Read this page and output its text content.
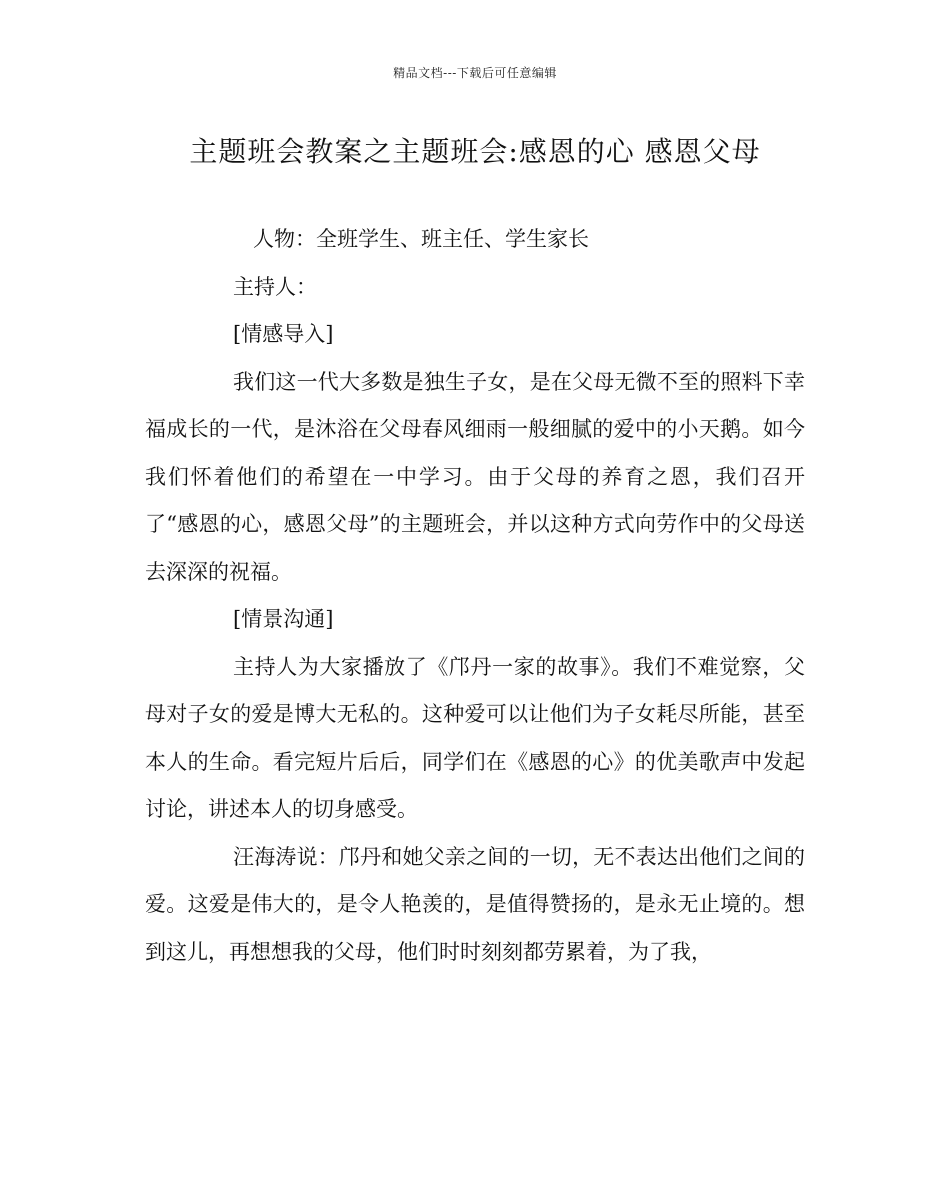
精品文档---下载后可任意编辑
主题班会教案之主题班会:感恩的心 感恩父母

人物：全班学生、班主任、学生家长

主持人：

[情感导入]

我们这一代大多数是独生子女，是在父母无微不至的照料下幸福成长的一代，是沐浴在父母春风细雨一般细腻的爱中的小天鹅。如今我们怀着他们的希望在一中学习。由于父母的养育之恩，我们召开了“感恩的心，感恩父母”的主题班会，并以这种方式向劳作中的父母送去深深的祝福。

[情景沟通]

主持人为大家播放了《邝丹一家的故事》。我们不难觉察，父母对子女的爱是博大无私的。这种爱可以让他们为子女耗尽所能，甚至本人的生命。看完短片后后，同学们在《感恩的心》的优美歌声中发起讨论，讲述本人的切身感受。

汪海涛说：邝丹和她父亲之间的一切，无不表达出他们之间的爱。这爱是伟大的，是令人艳羡的，是值得赞扬的，是永无止境的。想到这儿，再想想我的父母，他们时时刻刻都劳累着，为了我，
